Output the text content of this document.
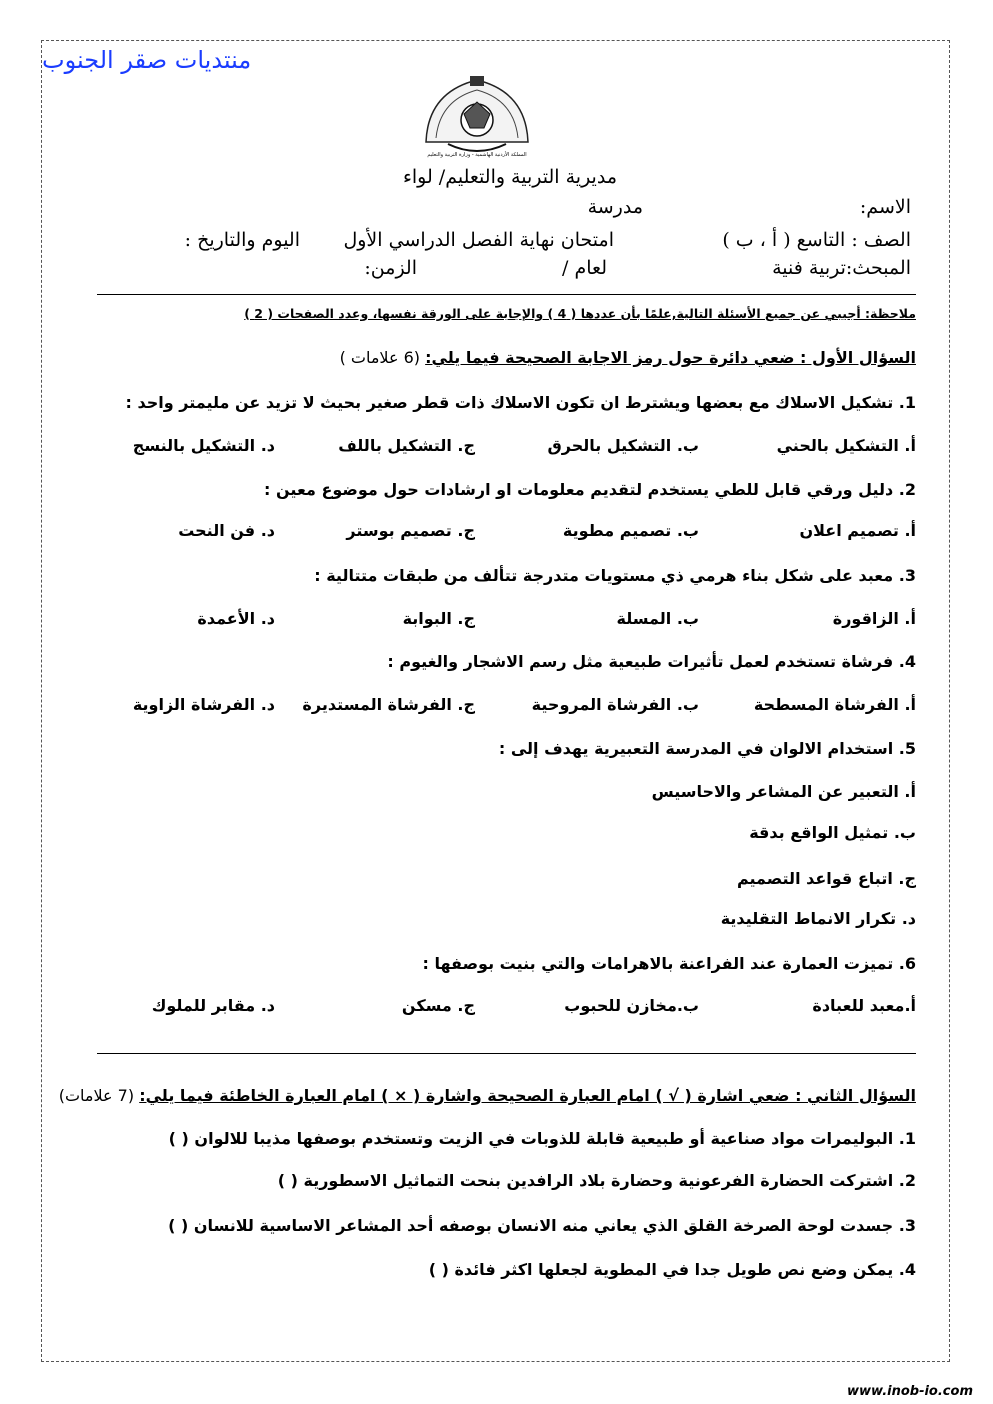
منتديات صقر الجنوب
المملكة الأردنية الهاشمية - وزارة التربية والتعليم
مديرية التربية والتعليم/ لواء
الاسم:
مدرسة
الصف : التاسع ( أ ، ب )
امتحان نهاية الفصل الدراسي الأول
اليوم والتاريخ :
المبحث:تربية فنية
لعام /
الزمن:
ملاحظة: أجيبي عن جميع الأسئلة التالية,علمًا بأن عددها ( 4 ) والإجابة على الورقة نفسها، وعدد الصفحات ( 2 )
السؤال الأول : ضعي دائرة حول رمز الاجابة الصحيحة فيما يلي: (6 علامات )
1. تشكيل الاسلاك مع بعضها ويشترط ان تكون الاسلاك ذات قطر صغير بحيث لا تزيد عن مليمتر واحد :
أ. التشكيل بالحني
ب. التشكيل بالحرق
ج. التشكيل باللف
د. التشكيل بالنسج
2. دليل ورقي قابل للطي يستخدم لتقديم معلومات او ارشادات حول موضوع معين :
أ. تصميم اعلان
ب. تصميم مطوية
ج. تصميم بوستر
د. فن النحت
3. معبد على شكل بناء هرمي ذي مستويات متدرجة تتألف من طبقات متتالية :
أ. الزاقورة
ب. المسلة
ج. البوابة
د. الأعمدة
4. فرشاة تستخدم لعمل تأثيرات طبيعية مثل رسم الاشجار والغيوم :
أ. الفرشاة المسطحة
ب. الفرشاة المروحية
ج. الفرشاة المستديرة
د. الفرشاة الزاوية
5. استخدام الالوان في المدرسة التعبيرية يهدف إلى :
أ. التعبير عن المشاعر والاحاسيس
ب. تمثيل الواقع بدقة
ج. اتباع قواعد التصميم
د. تكرار الانماط التقليدية
6. تميزت العمارة عند الفراعنة بالاهرامات والتي بنيت بوصفها :
أ.معبد للعبادة
ب.مخازن للحبوب
ج. مسكن
د. مقابر للملوك
السؤال الثاني : ضعي اشارة ( √ ) امام العبارة الصحيحة واشارة ( × ) امام العبارة الخاطئة فيما يلي: (7 علامات)
1. البوليمرات مواد صناعية أو طبيعية قابلة للذوبات في الزيت وتستخدم بوصفها مذيبا للالوان ( )
2. اشتركت الحضارة الفرعونية وحضارة بلاد الرافدين بنحت التماثيل الاسطورية ( )
3. جسدت لوحة الصرخة القلق الذي يعاني منه الانسان بوصفه أحد المشاعر الاساسية للانسان ( )
4. يمكن وضع نص طويل جدا في المطوية لجعلها اكثر فائدة ( )
www.inob-io.com
